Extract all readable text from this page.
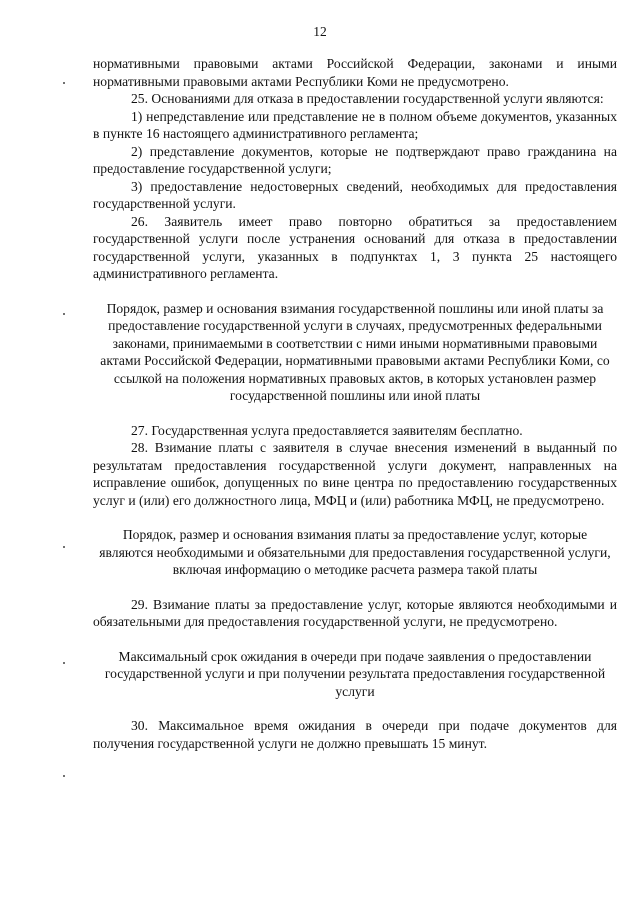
12

нормативными правовыми актами Российской Федерации, законами и иными нормативными правовыми актами Республики Коми не предусмотрено.

25. Основаниями для отказа в предоставлении государственной услуги являются:

1) непредставление или представление не в полном объеме документов, указанных в пункте 16 настоящего административного регламента;

2) представление документов, которые не подтверждают право гражданина на предоставление государственной услуги;

3) предоставление недостоверных сведений, необходимых для предоставления государственной услуги.

26. Заявитель имеет право повторно обратиться за предоставлением государственной услуги после устранения оснований для отказа в предоставлении государственной услуги, указанных в подпунктах 1, 3 пункта 25 настоящего административного регламента.

Порядок, размер и основания взимания государственной пошлины или иной платы за предоставление государственной услуги в случаях, предусмотренных федеральными законами, принимаемыми в соответствии с ними иными нормативными правовыми актами Российской Федерации, нормативными правовыми актами Республики Коми, со ссылкой на положения нормативных правовых актов, в которых установлен размер государственной пошлины или иной платы

27. Государственная услуга предоставляется заявителям бесплатно.

28. Взимание платы с заявителя в случае внесения изменений в выданный по результатам предоставления государственной услуги документ, направленных на исправление ошибок, допущенных по вине центра по предоставлению государственных услуг и (или) его должностного лица, МФЦ и (или) работника МФЦ, не предусмотрено.

Порядок, размер и основания взимания платы за предоставление услуг, которые являются необходимыми и обязательными для предоставления государственной услуги, включая информацию о методике расчета размера такой платы

29. Взимание платы за предоставление услуг, которые являются необходимыми и обязательными для предоставления государственной услуги, не предусмотрено.

Максимальный срок ожидания в очереди при подаче заявления о предоставлении государственной услуги и при получении результата предоставления государственной услуги

30. Максимальное время ожидания в очереди при подаче документов для получения государственной услуги не должно превышать 15 минут.
